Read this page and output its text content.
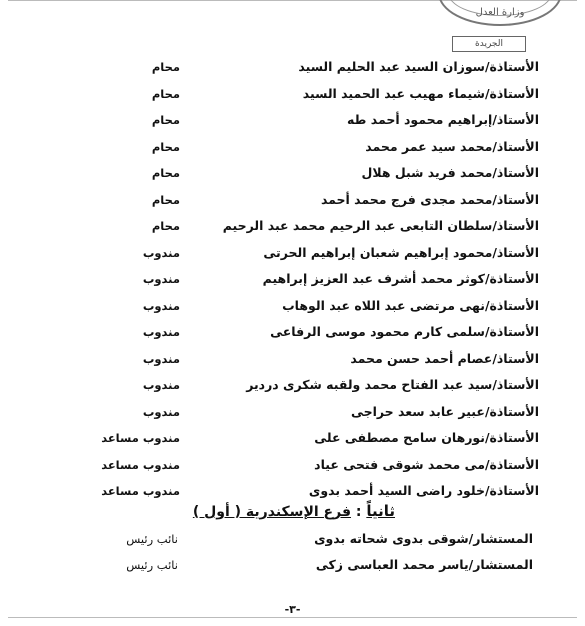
وزارة العدل
الجريدة
الأستاذة/سوزان السيد عبد الحليم السيد
محام
الأستاذة/شيماء مهيب عبد الحميد السيد
محام
الأستاذ/إبراهيم محمود أحمد طه
محام
الأستاذ/محمد سيد عمر محمد
محام
الأستاذ/محمد فريد شبل هلال
محام
الأستاذ/محمد مجدى فرج محمد أحمد
محام
الأستاذ/سلطان التابعى عبد الرحيم محمد عبد الرحيم
محام
الأستاذ/محمود إبراهيم شعبان إبراهيم الحرتى
مندوب
الأستاذة/كوثر محمد أشرف عبد العزيز إبراهيم
مندوب
الأستاذة/نهى مرتضى عبد اللاه عبد الوهاب
مندوب
الأستاذة/سلمى كارم محمود موسى الرفاعى
مندوب
الأستاذ/عصام أحمد حسن محمد
مندوب
الأستاذ/سيد عبد الفتاح محمد ولقبه شكرى دردير
مندوب
الأستاذة/عبير عابد سعد حراجى
مندوب
الأستاذة/نورهان سامح مصطفى على
مندوب مساعد
الأستاذة/مى محمد شوقى فتحى عياد
مندوب مساعد
الأستاذة/خلود راضى السيد أحمد بدوى
مندوب مساعد
ثانياً : فرع الإسكندرية ( أول )
المستشار/شوقى بدوى شحاته بدوى
نائب رئيس
المستشار/ياسر محمد العباسى زكى
نائب رئيس
-٣-
